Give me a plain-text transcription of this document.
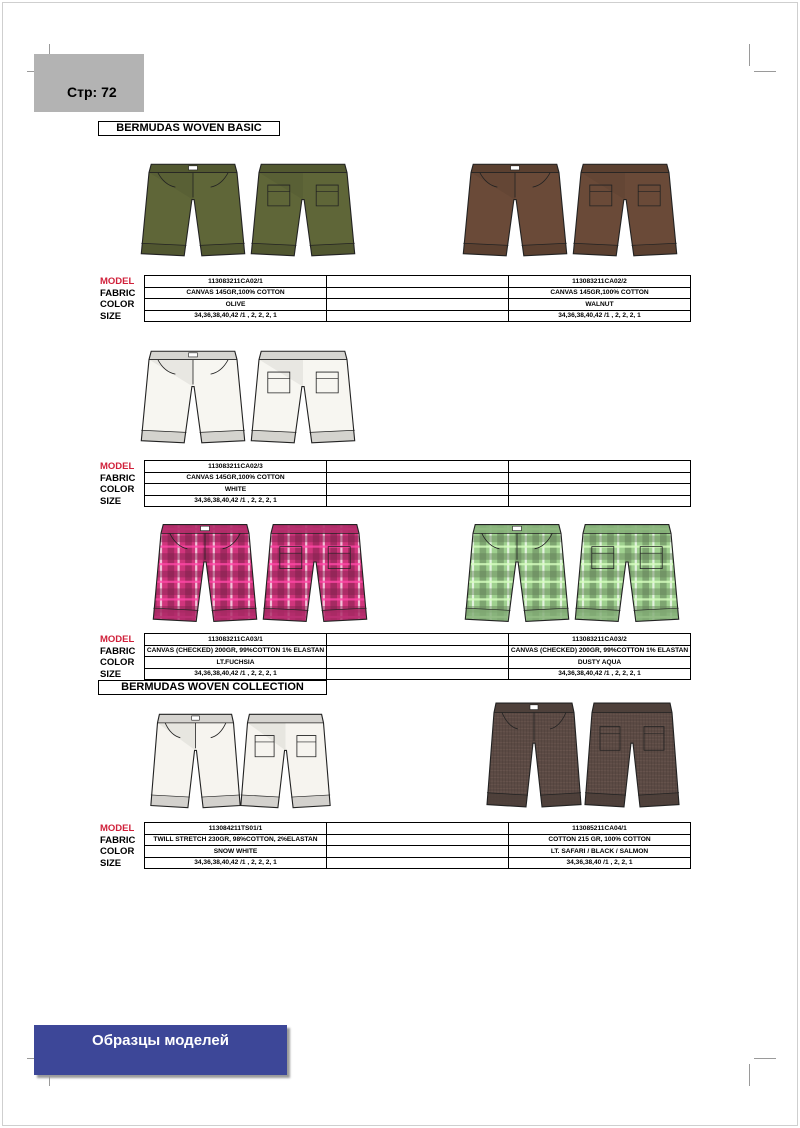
Стр: 72
BERMUDAS WOVEN BASIC
MODEL
FABRIC
COLOR
SIZE
113083211CA02/1		113083211CA02/2
CANVAS 145GR,100% COTTON		CANVAS 145GR,100% COTTON
OLIVE		WALNUT
34,36,38,40,42 /1 , 2, 2, 2, 1		34,36,38,40,42 /1 , 2, 2, 2, 1
MODEL
FABRIC
COLOR
SIZE
113083211CA02/3		
CANVAS 145GR,100% COTTON		
WHITE		
34,36,38,40,42 /1 , 2, 2, 2, 1		
MODEL
FABRIC
COLOR
SIZE
113083211CA03/1		113083211CA03/2
CANVAS (CHECKED) 200GR, 99%COTTON 1% ELASTAN		CANVAS (CHECKED) 200GR, 99%COTTON 1% ELASTAN
LT.FUCHSIA		DUSTY AQUA
34,36,38,40,42 /1 , 2, 2, 2, 1		34,36,38,40,42 /1 , 2, 2, 2, 1
BERMUDAS WOVEN COLLECTION
MODEL
FABRIC
COLOR
SIZE
113084211TS01/1		113085211CA04/1
TWILL STRETCH 230GR, 98%COTTON, 2%ELASTAN		COTTON 215 GR, 100% COTTON
SNOW WHITE		LT. SAFARI / BLACK / SALMON
34,36,38,40,42 /1 , 2, 2, 2, 1		34,36,38,40 /1 , 2, 2, 1
Образцы моделей
